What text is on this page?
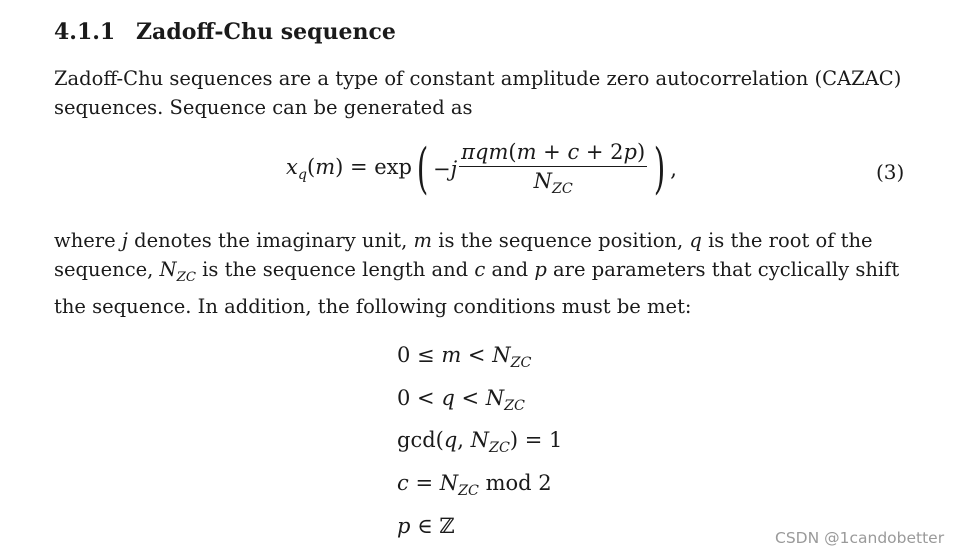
4.1.1 Zadoff-Chu sequence
Zadoff-Chu sequences are a type of constant amplitude zero autocorrelation (CAZAC)
sequences. Sequence can be generated as
$x_q(m) = \exp$ ( $-j \frac{\text{πqm(m + c + 2p)}}{N_{ZC}}$ ) ,	(3)
where j denotes the imaginary unit, m is the sequence position, q is the root of the
sequence, $N_{ZC}$ is the sequence length and c and p are parameters that cyclically shift
the sequence. In addition, the following conditions must be met:
$0 \le m < N_{ZC}$
$0 < q < N_{ZC}$
gcd(q, $N_{ZC}) = 1$
$c = N_{ZC}$ mod 2
p ∈ ℤ
CSDN @1candobetter
